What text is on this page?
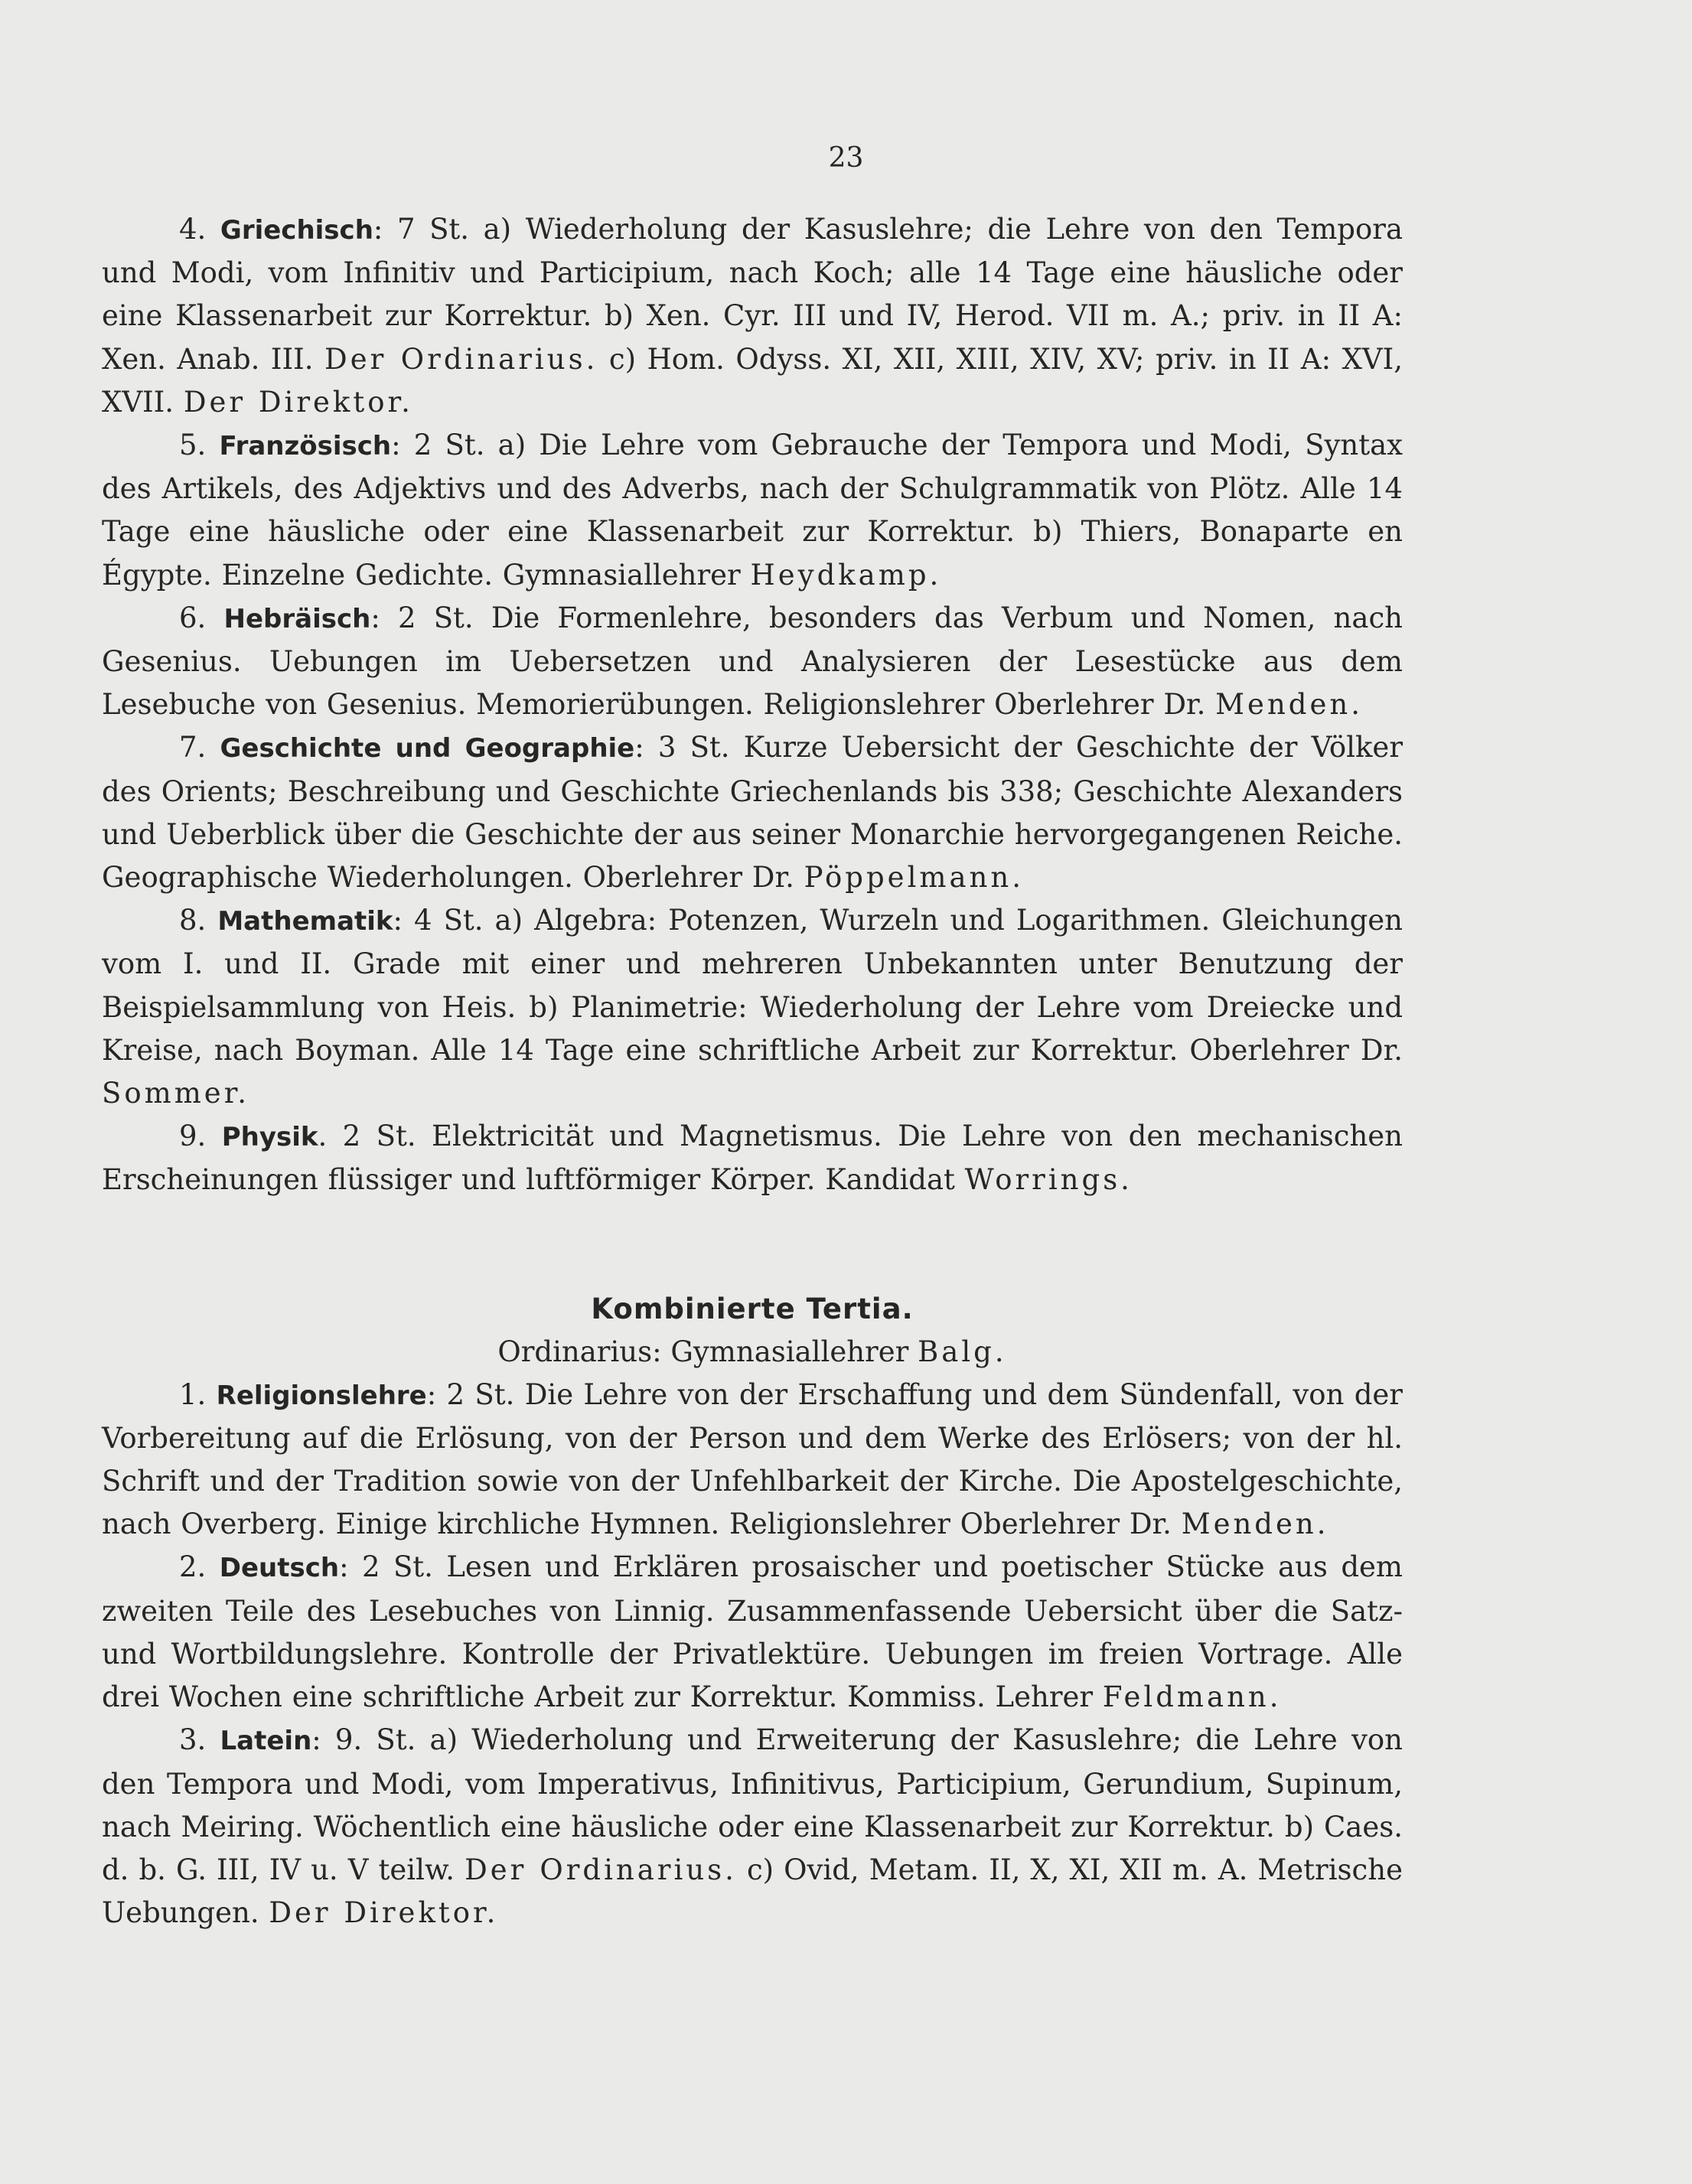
23

4. Griechisch: 7 St. a) Wiederholung der Kasuslehre; die Lehre von den Tempora und Modi, vom Infinitiv und Participium, nach Koch; alle 14 Tage eine häusliche oder eine Klassenarbeit zur Korrektur. b) Xen. Cyr. III und IV, Herod. VII m. A.; priv. in II A: Xen. Anab. III. Der Ordinarius. c) Hom. Odyss. XI, XII, XIII, XIV, XV; priv. in II A: XVI, XVII. Der Direktor.

5. Französisch: 2 St. a) Die Lehre vom Gebrauche der Tempora und Modi, Syntax des Artikels, des Adjektivs und des Adverbs, nach der Schulgrammatik von Plötz. Alle 14 Tage eine häusliche oder eine Klassenarbeit zur Korrektur. b) Thiers, Bonaparte en Égypte. Einzelne Gedichte. Gymnasiallehrer Heydkamp.

6. Hebräisch: 2 St. Die Formenlehre, besonders das Verbum und Nomen, nach Gesenius. Uebungen im Uebersetzen und Analysieren der Lesestücke aus dem Lesebuche von Gesenius. Memorierübungen. Religionslehrer Oberlehrer Dr. Menden.

7. Geschichte und Geographie: 3 St. Kurze Uebersicht der Geschichte der Völker des Orients; Beschreibung und Geschichte Griechenlands bis 338; Geschichte Alexanders und Ueberblick über die Geschichte der aus seiner Monarchie hervorgegangenen Reiche. Geographische Wiederholungen. Oberlehrer Dr. Pöppelmann.

8. Mathematik: 4 St. a) Algebra: Potenzen, Wurzeln und Logarithmen. Gleichungen vom I. und II. Grade mit einer und mehreren Unbekannten unter Benutzung der Beispielsammlung von Heis. b) Planimetrie: Wiederholung der Lehre vom Dreiecke und Kreise, nach Boyman. Alle 14 Tage eine schriftliche Arbeit zur Korrektur. Oberlehrer Dr. Sommer.

9. Physik. 2 St. Elektricität und Magnetismus. Die Lehre von den mechanischen Erscheinungen flüssiger und luftförmiger Körper. Kandidat Worrings.

Kombinierte Tertia.

Ordinarius: Gymnasiallehrer Balg.

1. Religionslehre: 2 St. Die Lehre von der Erschaffung und dem Sündenfall, von der Vorbereitung auf die Erlösung, von der Person und dem Werke des Erlösers; von der hl. Schrift und der Tradition sowie von der Unfehlbarkeit der Kirche. Die Apostelgeschichte, nach Overberg. Einige kirchliche Hymnen. Religionslehrer Oberlehrer Dr. Menden.

2. Deutsch: 2 St. Lesen und Erklären prosaischer und poetischer Stücke aus dem zweiten Teile des Lesebuches von Linnig. Zusammenfassende Uebersicht über die Satz- und Wortbildungslehre. Kontrolle der Privatlektüre. Uebungen im freien Vortrage. Alle drei Wochen eine schriftliche Arbeit zur Korrektur. Kommiss. Lehrer Feldmann.

3. Latein: 9. St. a) Wiederholung und Erweiterung der Kasuslehre; die Lehre von den Tempora und Modi, vom Imperativus, Infinitivus, Participium, Gerundium, Supinum, nach Meiring. Wöchentlich eine häusliche oder eine Klassenarbeit zur Korrektur. b) Caes. d. b. G. III, IV u. V teilw. Der Ordinarius. c) Ovid, Metam. II, X, XI, XII m. A. Metrische Uebungen. Der Direktor.
